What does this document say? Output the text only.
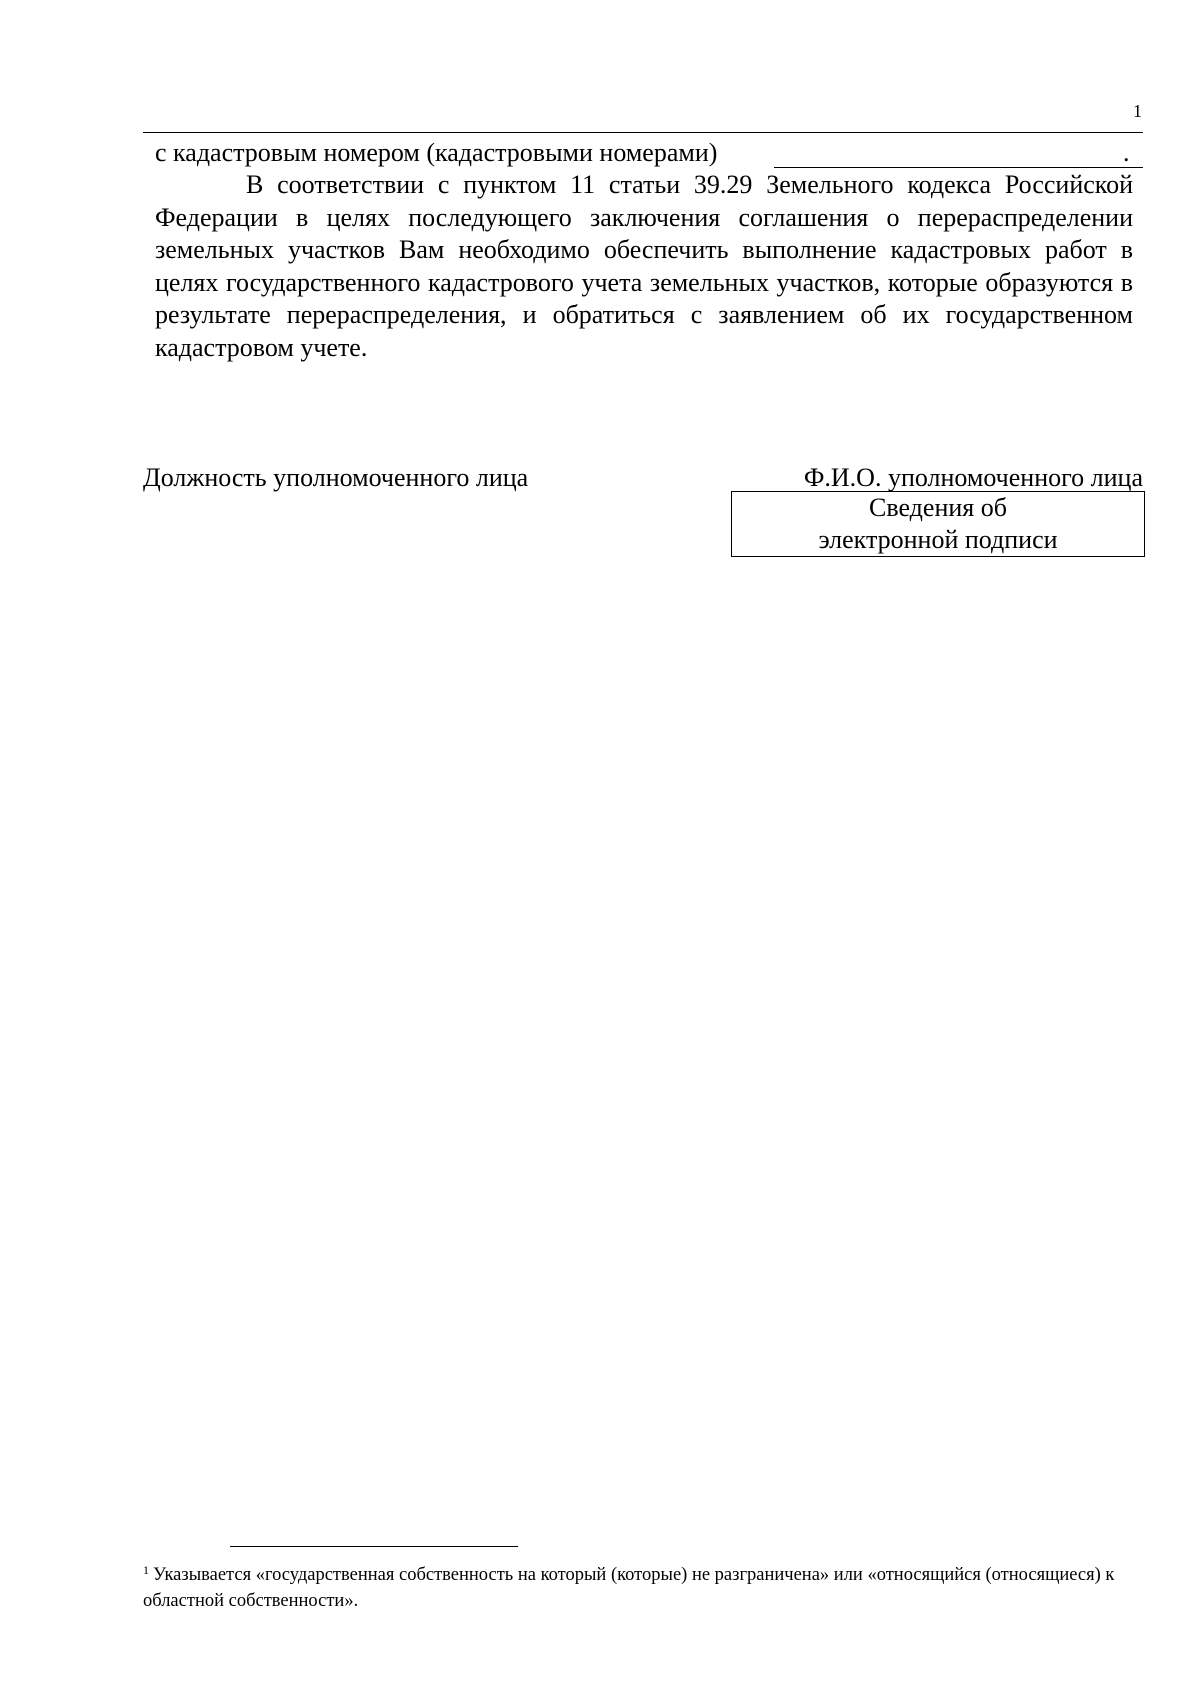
1
с кадастровым номером (кадастровыми номерами)	.

В соответствии с пунктом 11 статьи 39.29 Земельного кодекса Российской Федерации в целях последующего заключения соглашения о перераспределении земельных участков Вам необходимо обеспечить выполнение кадастровых работ в целях государственного кадастрового учета земельных участков, которые образуются в результате перераспределения, и обратиться с заявлением об их государственном кадастровом учете.

Должность уполномоченного лица	Ф.И.О. уполномоченного лица
Сведения об
электронной подписи

$^1$ Указывается «государственная собственность на который (которые) не разграничена» или «относящийся (относящиеся) к областной собственности».
